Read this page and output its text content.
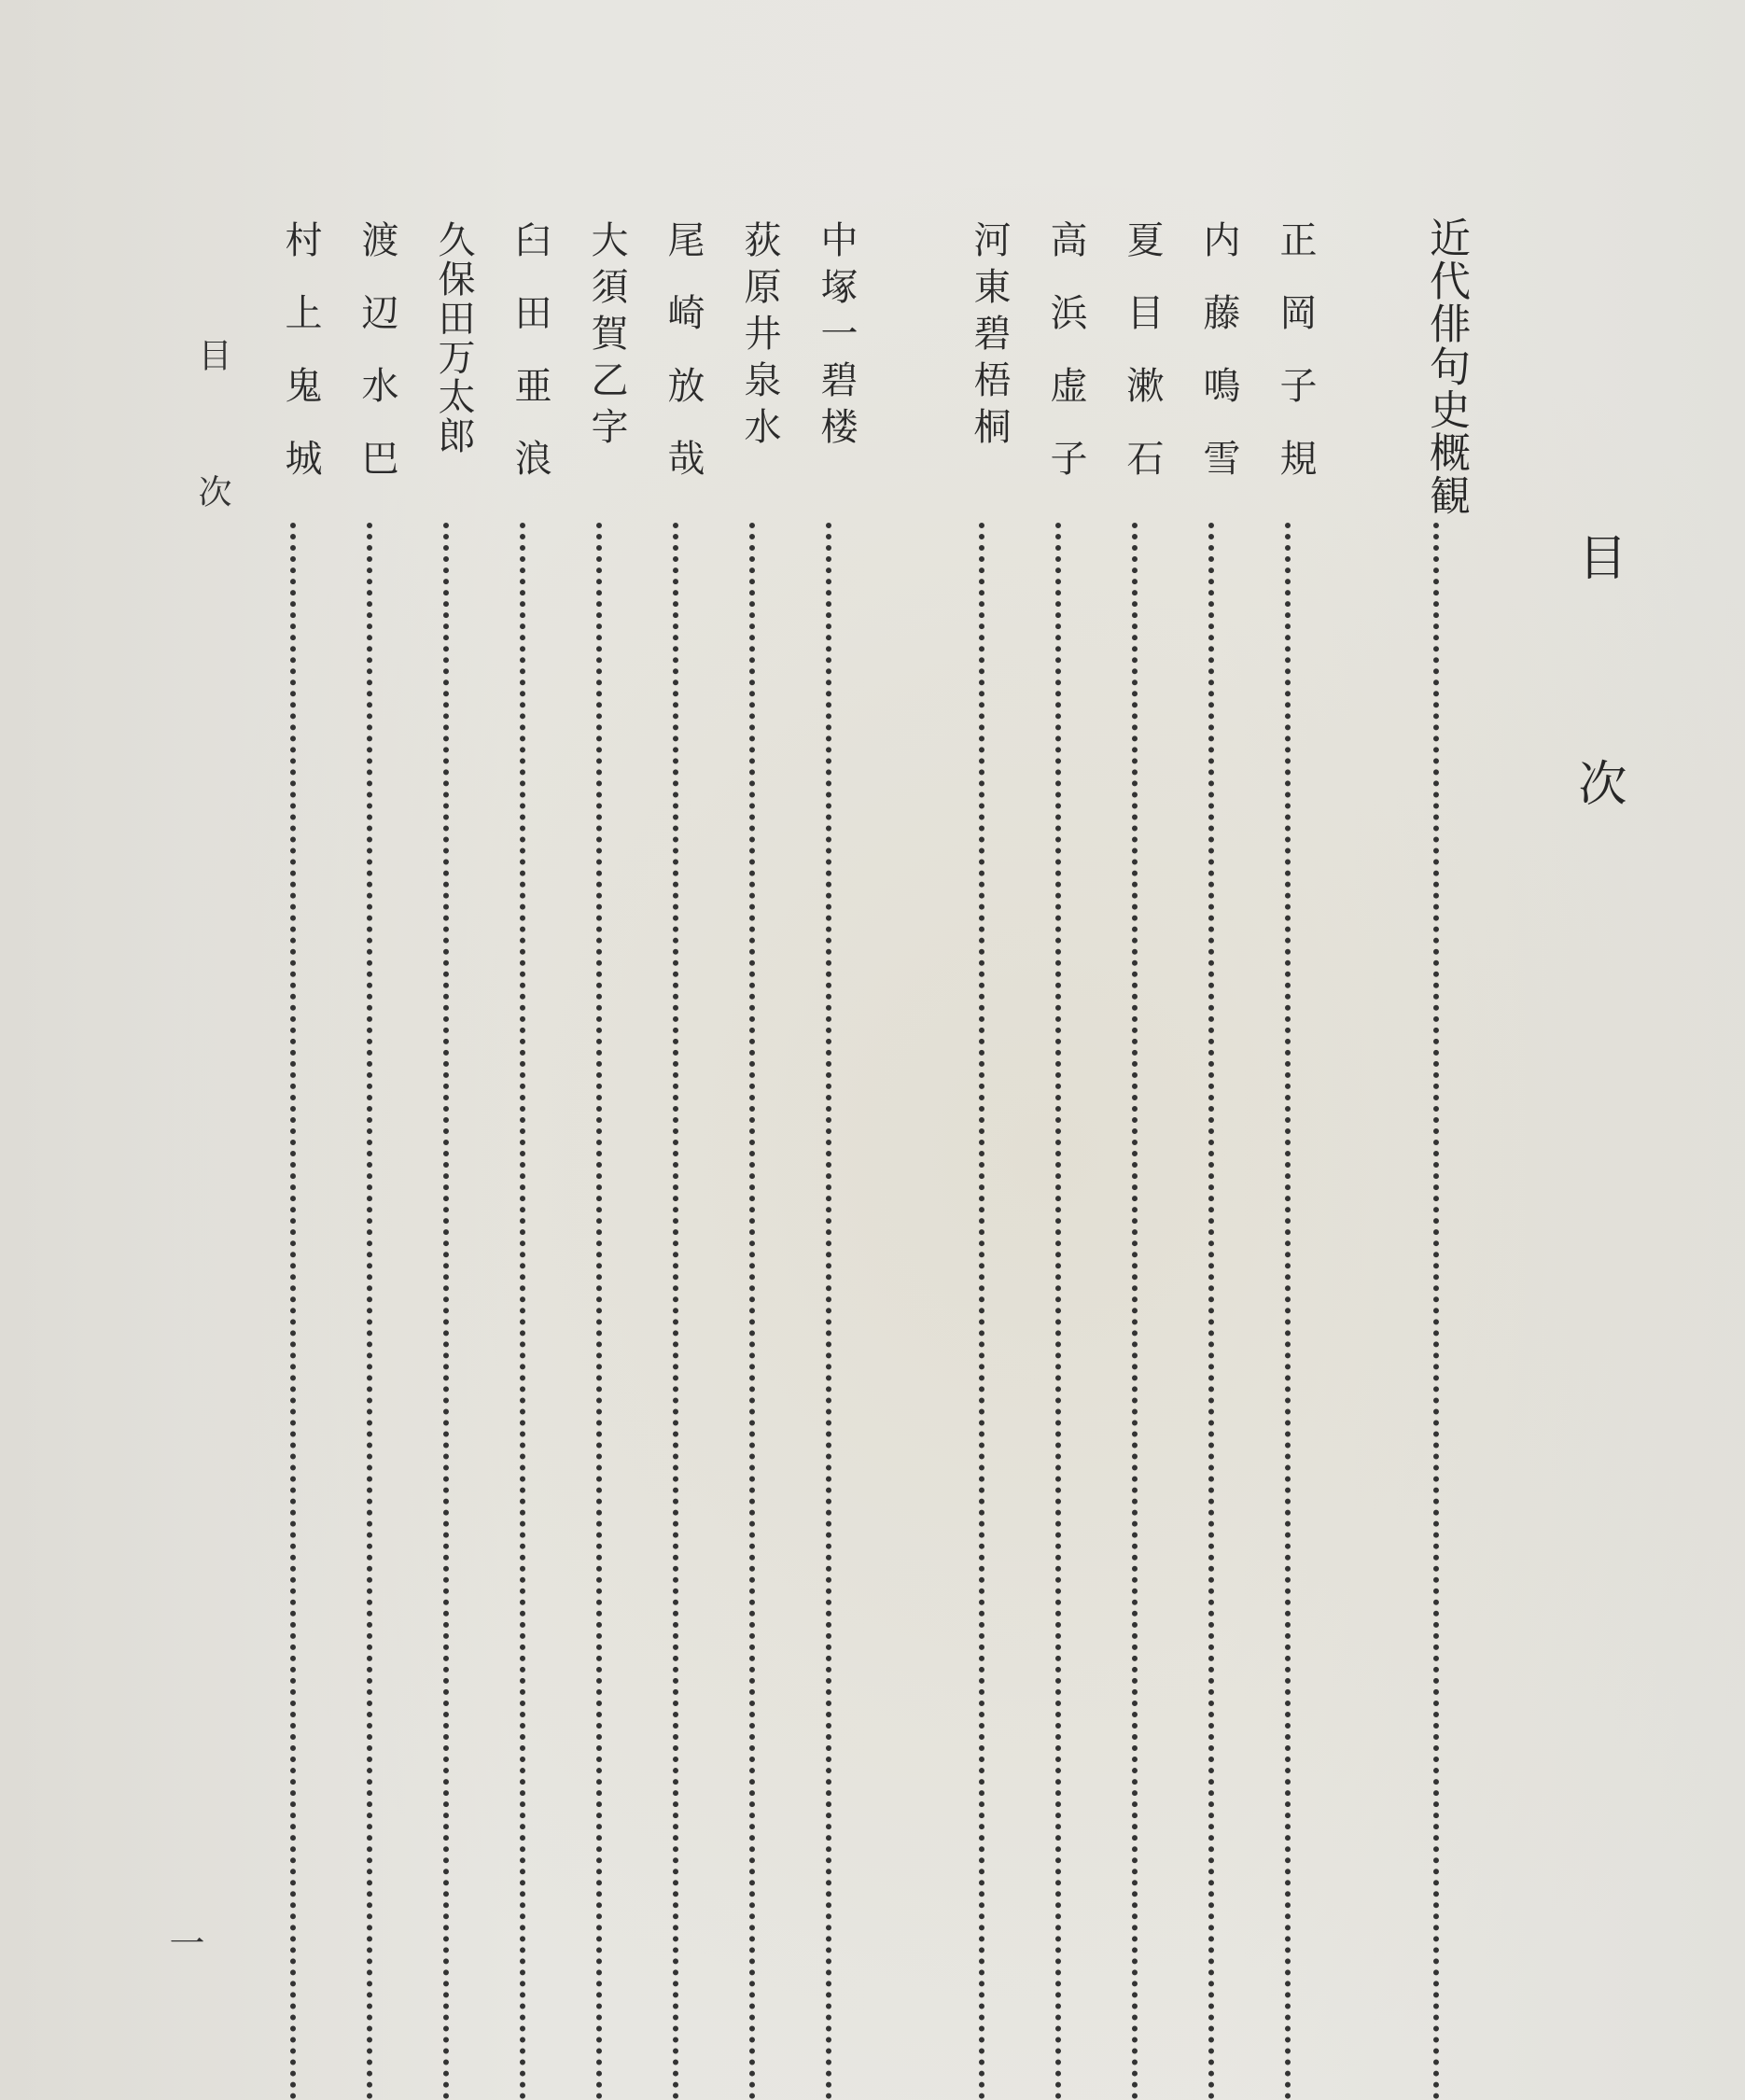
目次
近代俳句史概観
正岡子規
内藤鳴雪
夏目漱石
高浜虚子
河東碧梧桐
中塚一碧楼
荻原井泉水
尾崎放哉
大須賀乙字
臼田亜浪
久保田万太郎
渡辺水巴
村上鬼城
目次
一
